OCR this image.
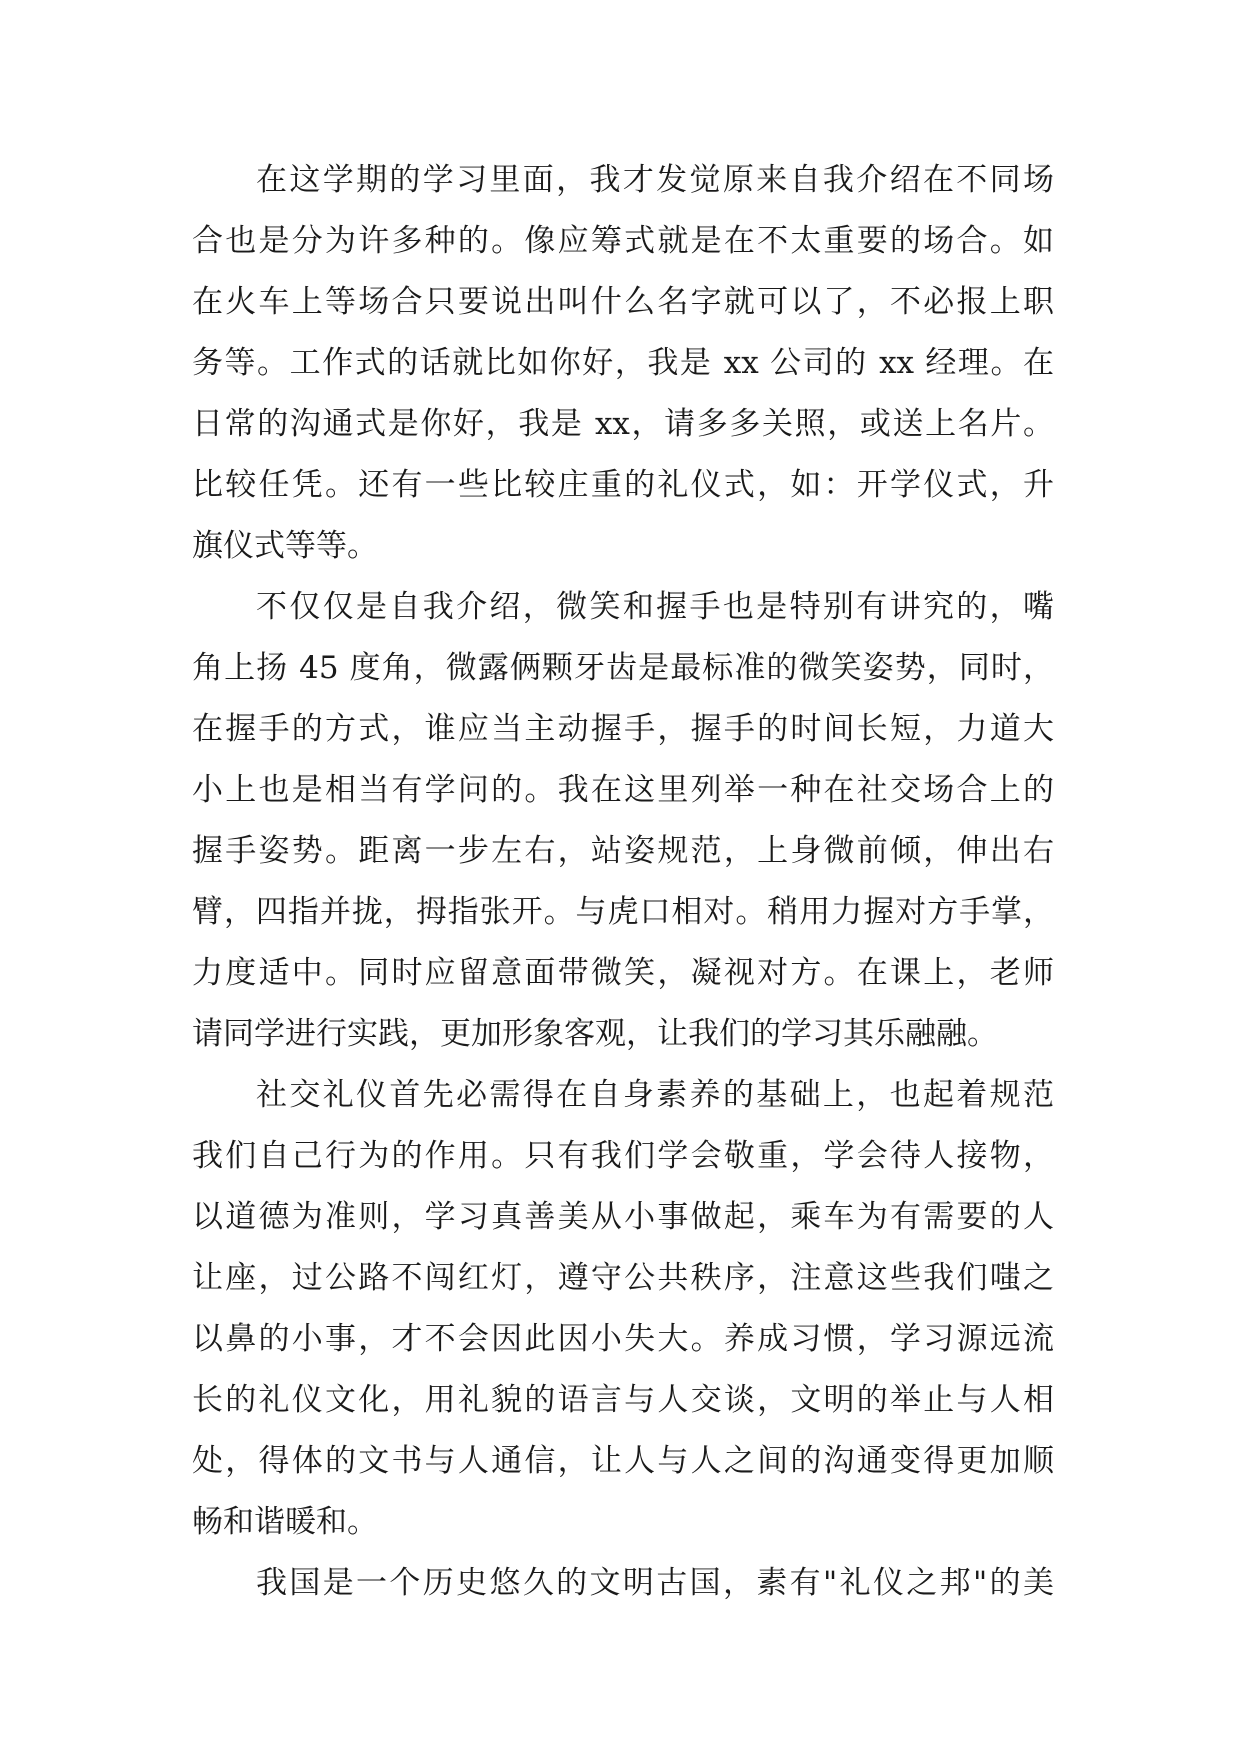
在这学期的学习里面，我才发觉原来自我介绍在不同场
合也是分为许多种的。像应筹式就是在不太重要的场合。如
在火车上等场合只要说出叫什么名字就可以了，不必报上职
务等。工作式的话就比如你好，我是 xx 公司的 xx 经理。在
日常的沟通式是你好，我是 xx，请多多关照，或送上名片。
比较任凭。还有一些比较庄重的礼仪式，如：开学仪式，升
旗仪式等等。
不仅仅是自我介绍，微笑和握手也是特别有讲究的，嘴
角上扬 45 度角，微露俩颗牙齿是最标准的微笑姿势，同时，
在握手的方式，谁应当主动握手，握手的时间长短，力道大
小上也是相当有学问的。我在这里列举一种在社交场合上的
握手姿势。距离一步左右，站姿规范，上身微前倾，伸出右
臂，四指并拢，拇指张开。与虎口相对。稍用力握对方手掌，
力度适中。同时应留意面带微笑，凝视对方。在课上，老师
请同学进行实践，更加形象客观，让我们的学习其乐融融。
社交礼仪首先必需得在自身素养的基础上，也起着规范
我们自己行为的作用。只有我们学会敬重，学会待人接物，
以道德为准则，学习真善美从小事做起，乘车为有需要的人
让座，过公路不闯红灯，遵守公共秩序，注意这些我们嗤之
以鼻的小事，才不会因此因小失大。养成习惯，学习源远流
长的礼仪文化，用礼貌的语言与人交谈，文明的举止与人相
处，得体的文书与人通信，让人与人之间的沟通变得更加顺
畅和谐暖和。
我国是一个历史悠久的文明古国，素有"礼仪之邦"的美
